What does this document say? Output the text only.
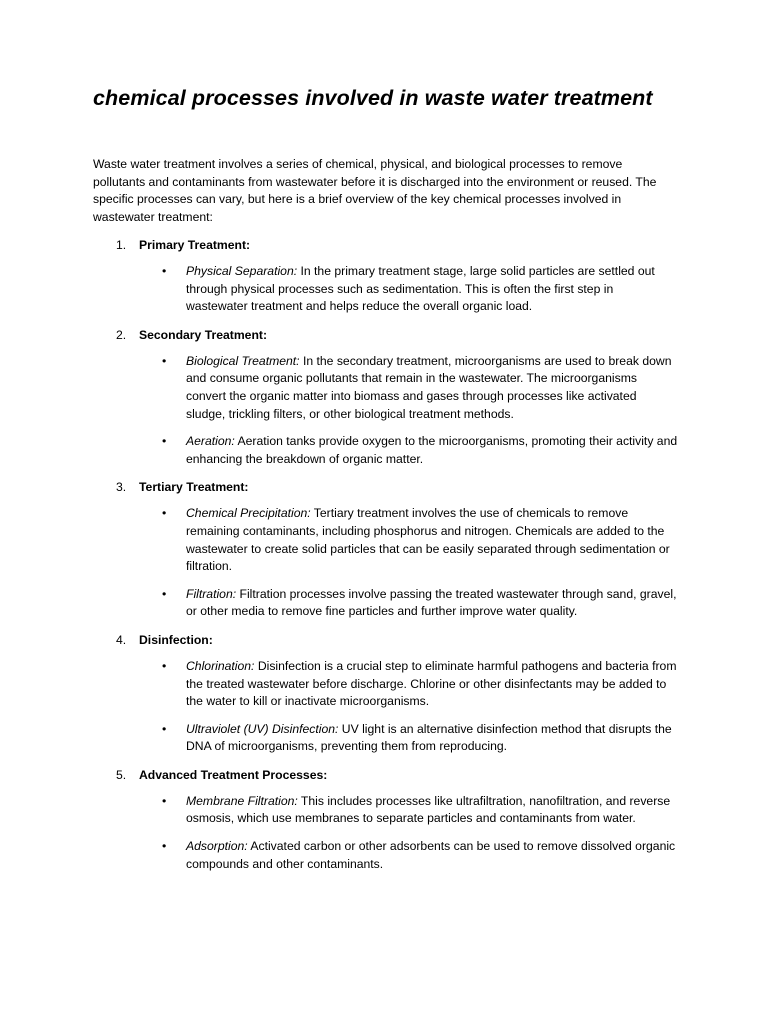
chemical processes involved in waste water treatment

Waste water treatment involves a series of chemical, physical, and biological processes to remove pollutants and contaminants from wastewater before it is discharged into the environment or reused. The specific processes can vary, but here is a brief overview of the key chemical processes involved in wastewater treatment:

1. Primary Treatment:
• Physical Separation: In the primary treatment stage, large solid particles are settled out through physical processes such as sedimentation. This is often the first step in wastewater treatment and helps reduce the overall organic load.
2. Secondary Treatment:
• Biological Treatment: In the secondary treatment, microorganisms are used to break down and consume organic pollutants that remain in the wastewater. The microorganisms convert the organic matter into biomass and gases through processes like activated sludge, trickling filters, or other biological treatment methods.
• Aeration: Aeration tanks provide oxygen to the microorganisms, promoting their activity and enhancing the breakdown of organic matter.
3. Tertiary Treatment:
• Chemical Precipitation: Tertiary treatment involves the use of chemicals to remove remaining contaminants, including phosphorus and nitrogen. Chemicals are added to the wastewater to create solid particles that can be easily separated through sedimentation or filtration.
• Filtration: Filtration processes involve passing the treated wastewater through sand, gravel, or other media to remove fine particles and further improve water quality.
4. Disinfection:
• Chlorination: Disinfection is a crucial step to eliminate harmful pathogens and bacteria from the treated wastewater before discharge. Chlorine or other disinfectants may be added to the water to kill or inactivate microorganisms.
• Ultraviolet (UV) Disinfection: UV light is an alternative disinfection method that disrupts the DNA of microorganisms, preventing them from reproducing.
5. Advanced Treatment Processes:
• Membrane Filtration: This includes processes like ultrafiltration, nanofiltration, and reverse osmosis, which use membranes to separate particles and contaminants from water.
• Adsorption: Activated carbon or other adsorbents can be used to remove dissolved organic compounds and other contaminants.
